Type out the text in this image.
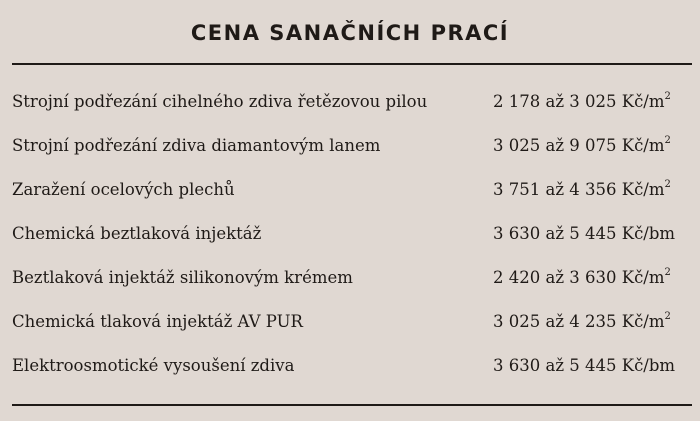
CENA SANAČNÍCH PRACÍ
Strojní podřezání cihelného zdiva řetězovou pilou	2 178 až 3 025 $Kč/m^2$
Strojní podřezání zdiva diamantovým lanem	3 025 až 9 075 $Kč/m^2$
Zaražení ocelových plechů	3 751 až 4 356 $Kč/m^2$
Chemická beztlaková injektáž	3 630 až 5 445 Kč/bm
Beztlaková injektáž silikonovým krémem	2 420 až 3 630 $Kč/m^2$
Chemická tlaková injektáž AV PUR	3 025 až 4 235 $Kč/m^2$
Elektroosmotické vysoušení zdiva	3 630 až 5 445 Kč/bm
